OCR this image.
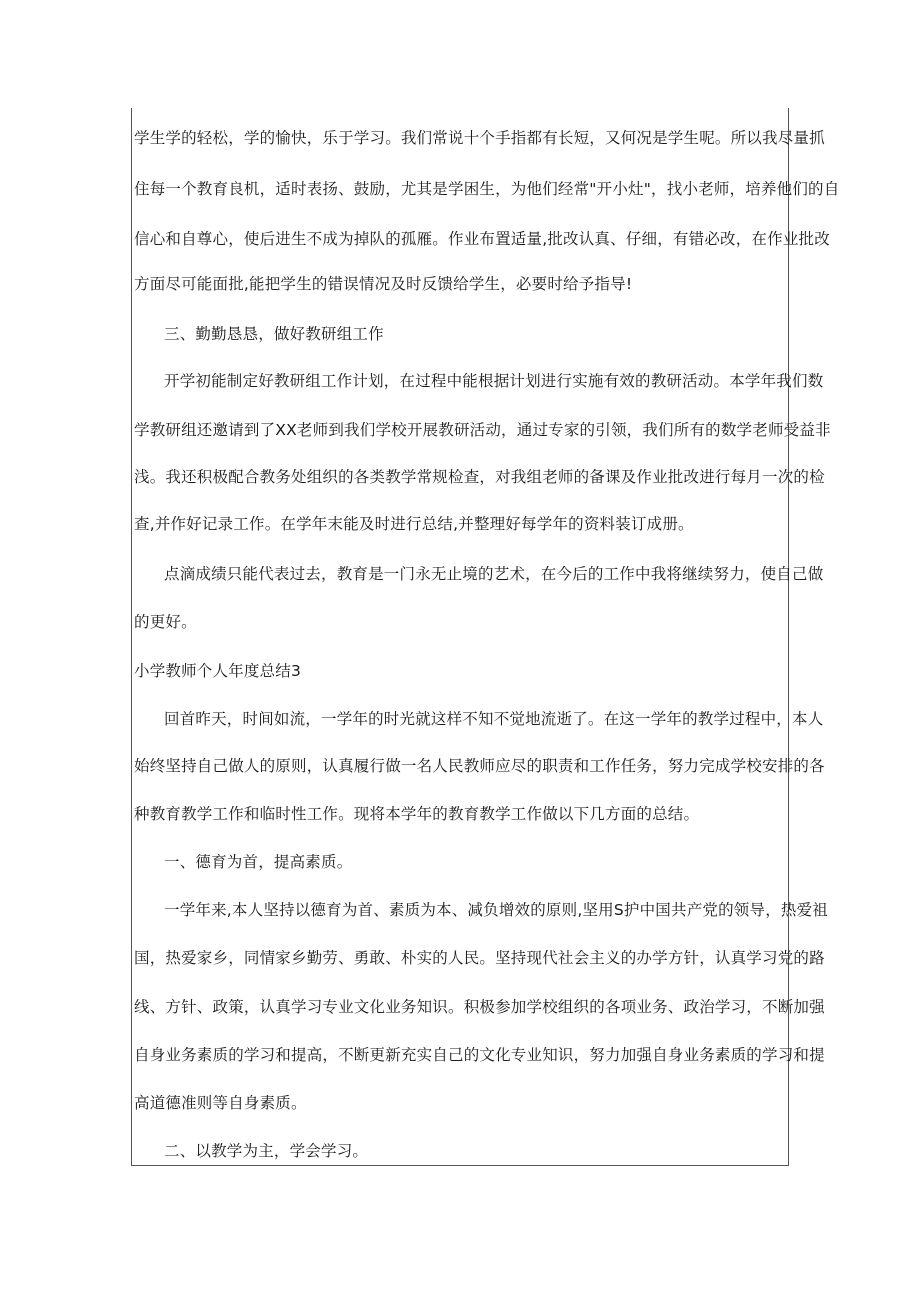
学生学的轻松，学的愉快，乐于学习。我们常说十个手指都有长短，又何况是学生呢。所以我尽量抓
住每一个教育良机，适时表扬、鼓励，尤其是学困生，为他们经常"开小灶"，找小老师，培养他们的自
信心和自尊心，使后进生不成为掉队的孤雁。作业布置适量,批改认真、仔细，有错必改，在作业批改
方面尽可能面批,能把学生的错误情况及时反馈给学生，必要时给予指导!
三、勤勤恳恳，做好教研组工作
开学初能制定好教研组工作计划，在过程中能根据计划进行实施有效的教研活动。本学年我们数
学教研组还邀请到了XX老师到我们学校开展教研活动，通过专家的引领，我们所有的数学老师受益非
浅。我还积极配合教务处组织的各类教学常规检查，对我组老师的备课及作业批改进行每月一次的检
查,并作好记录工作。在学年末能及时进行总结,并整理好每学年的资料装订成册。
点滴成绩只能代表过去，教育是一门永无止境的艺术，在今后的工作中我将继续努力，使自己做
的更好。
小学教师个人年度总结3
回首昨天，时间如流，一学年的时光就这样不知不觉地流逝了。在这一学年的教学过程中，本人
始终坚持自己做人的原则，认真履行做一名人民教师应尽的职责和工作任务，努力完成学校安排的各
种教育教学工作和临时性工作。现将本学年的教育教学工作做以下几方面的总结。
一、德育为首，提高素质。
一学年来,本人坚持以德育为首、素质为本、减负增效的原则,坚用S护中国共产党的领导，热爱祖
国，热爱家乡，同情家乡勤劳、勇敢、朴实的人民。坚持现代社会主义的办学方针，认真学习党的路
线、方针、政策，认真学习专业文化业务知识。积极参加学校组织的各项业务、政治学习，不断加强
自身业务素质的学习和提高，不断更新充实自己的文化专业知识，努力加强自身业务素质的学习和提
高道德准则等自身素质。
二、以教学为主，学会学习。
